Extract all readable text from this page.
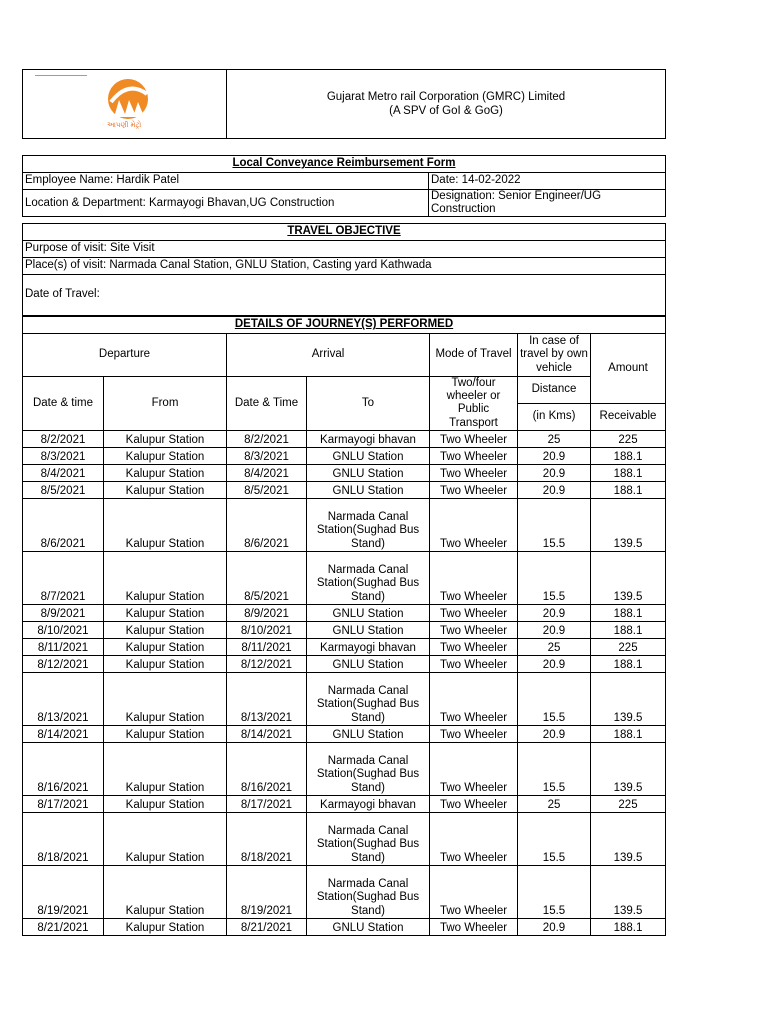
આપણી મેટ્રો

Gujarat Metro rail Corporation (GMRC) Limited
(A SPV of GoI & GoG)
Local Conveyance Reimbursement Form	
Employee Name: Hardik Patel	Date: 14-02-2022
Location & Department: Karmayogi Bhavan,UG Construction	Designation: Senior Engineer/UG Construction
TRAVEL OBJECTIVE
Purpose of visit: Site Visit
Place(s) of visit: Narmada Canal Station, GNLU Station, Casting yard Kathwada
Date of Travel:
DETAILS OF JOURNEY(S) PERFORMED						
Departure		Arrival		Mode of Travel	In case of travel by own vehicle	Amount
Date & time	From	Date & Time	To	Two/four wheeler or Public Transport	Distance	
					(in Kms)	Receivable
8/2/2021	Kalupur Station	8/2/2021	Karmayogi bhavan	Two Wheeler	25	225
8/3/2021	Kalupur Station	8/3/2021	GNLU Station	Two Wheeler	20.9	188.1
8/4/2021	Kalupur Station	8/4/2021	GNLU Station	Two Wheeler	20.9	188.1
8/5/2021	Kalupur Station	8/5/2021	GNLU Station	Two Wheeler	20.9	188.1
8/6/2021	Kalupur Station	8/6/2021	Narmada Canal Station(Sughad Bus Stand)	Two Wheeler	15.5	139.5
8/7/2021	Kalupur Station	8/5/2021	Narmada Canal Station(Sughad Bus Stand)	Two Wheeler	15.5	139.5
8/9/2021	Kalupur Station	8/9/2021	GNLU Station	Two Wheeler	20.9	188.1
8/10/2021	Kalupur Station	8/10/2021	GNLU Station	Two Wheeler	20.9	188.1
8/11/2021	Kalupur Station	8/11/2021	Karmayogi bhavan	Two Wheeler	25	225
8/12/2021	Kalupur Station	8/12/2021	GNLU Station	Two Wheeler	20.9	188.1
8/13/2021	Kalupur Station	8/13/2021	Narmada Canal Station(Sughad Bus Stand)	Two Wheeler	15.5	139.5
8/14/2021	Kalupur Station	8/14/2021	GNLU Station	Two Wheeler	20.9	188.1
8/16/2021	Kalupur Station	8/16/2021	Narmada Canal Station(Sughad Bus Stand)	Two Wheeler	15.5	139.5
8/17/2021	Kalupur Station	8/17/2021	Karmayogi bhavan	Two Wheeler	25	225
8/18/2021	Kalupur Station	8/18/2021	Narmada Canal Station(Sughad Bus Stand)	Two Wheeler	15.5	139.5
8/19/2021	Kalupur Station	8/19/2021	Narmada Canal Station(Sughad Bus Stand)	Two Wheeler	15.5	139.5
8/21/2021	Kalupur Station	8/21/2021	GNLU Station	Two Wheeler	20.9	188.1
